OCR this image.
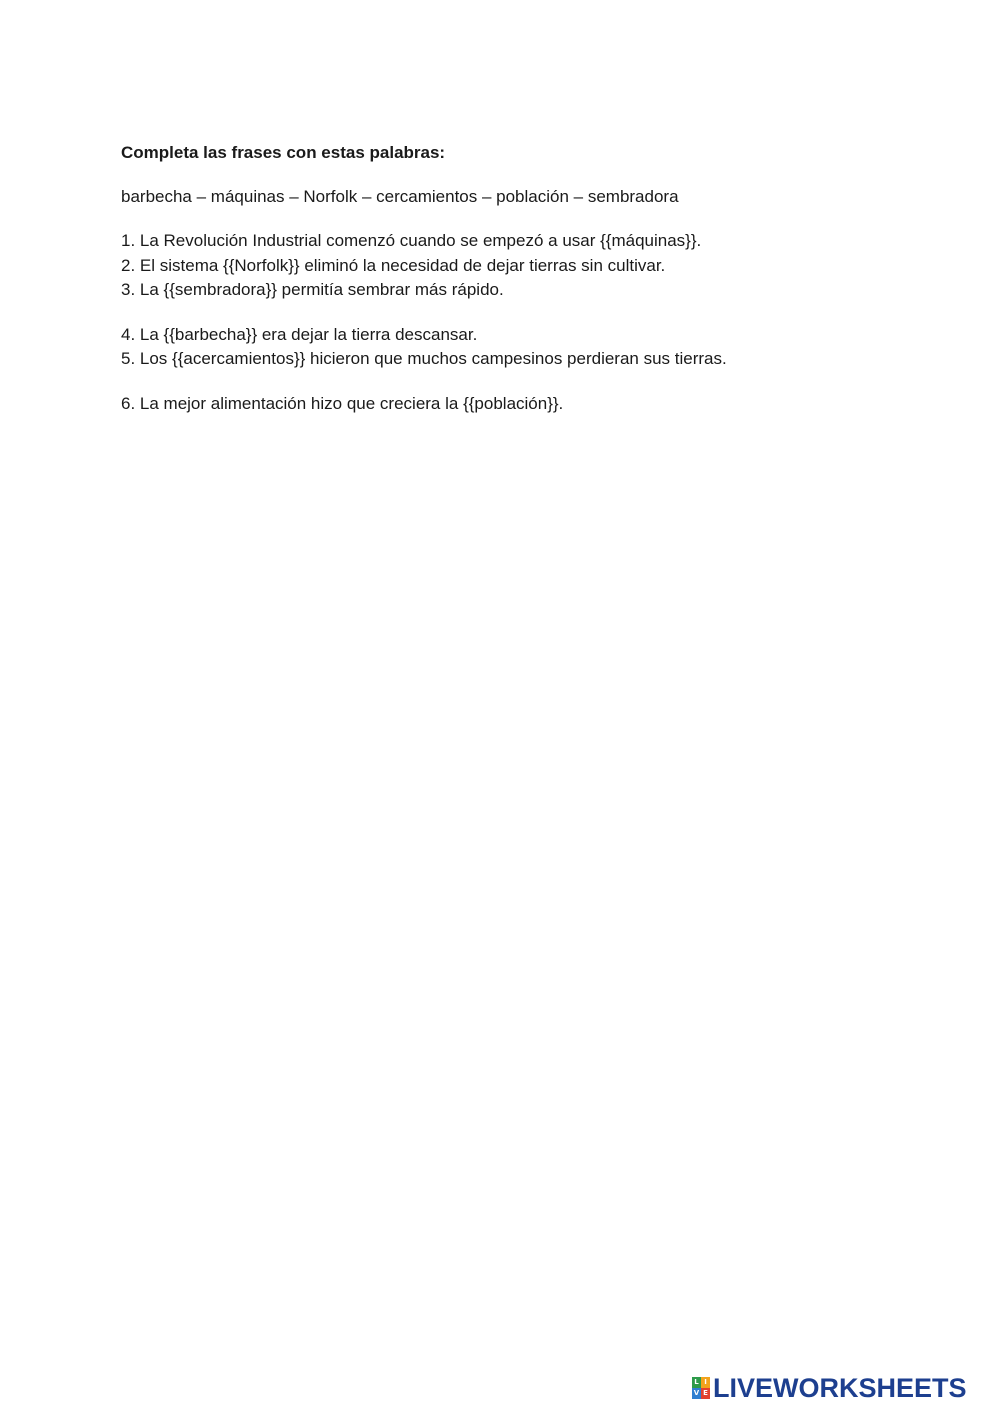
Completa las frases con estas palabras:

barbecha – máquinas – Norfolk – cercamientos – población – sembradora
1. La Revolución Industrial comenzó cuando se empezó a usar {{máquinas}}.
2. El sistema {{Norfolk}} eliminó la necesidad de dejar tierras sin cultivar.
3. La {{sembradora}} permitía sembrar más rápido.
4. La {{barbecha}} era dejar la tierra descansar.
5. Los {{acercamientos}} hicieron que muchos campesinos perdieran sus tierras.
6. La mejor alimentación hizo que creciera la {{población}}.
L I
V E LIVEWORKSHEETS
